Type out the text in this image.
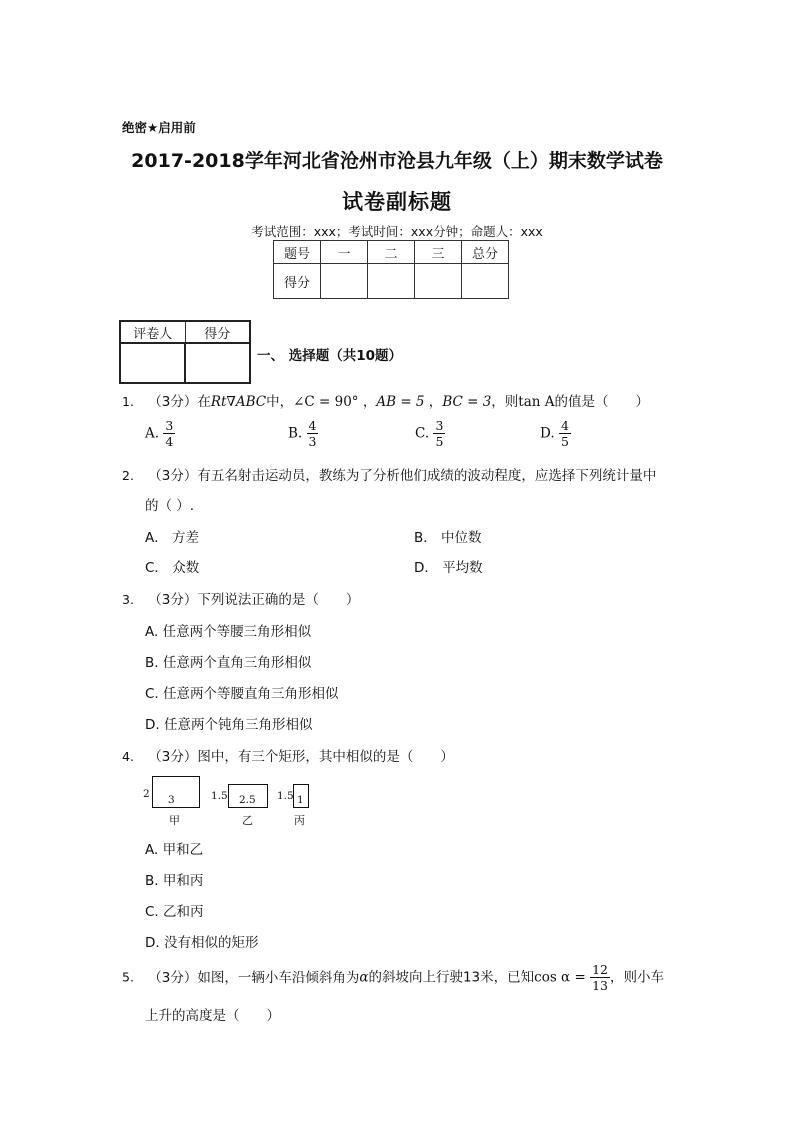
绝密★启用前
2017-2018学年河北省沧州市沧县九年级（上）期末数学试卷
试卷副标题
考试范围：xxx；考试时间：xxx分钟；命题人：xxx
题号	一	二	三	总分
得分				
评卷人	得分

一、 选择题（共10题）
1. （3分）在Rt∇ABC中，∠C = 90° ，AB = 5 ，BC = 3，则tan A的值是（　　）
A. $\frac{3}{4}$	B. $\frac{4}{3}$	C. $\frac{3}{5}$	D. $\frac{4}{5}$
2. （3分）有五名射击运动员，教练为了分析他们成绩的波动程度，应选择下列统计量中
的（ ）.
A． 方差	B． 中位数
C． 众数	D． 平均数
3. （3分）下列说法正确的是（　　）
A. 任意两个等腰三角形相似
B. 任意两个直角三角形相似
C. 任意两个等腰直角三角形相似
D. 任意两个钝角三角形相似
4. （3分）图中，有三个矩形，其中相似的是（　　）
2 3
甲
1.5 2.5
乙
1.5 1
丙
A. 甲和乙
B. 甲和丙
C. 乙和丙
D. 没有相似的矩形
5. （3分）如图，一辆小车沿倾斜角为α的斜坡向上行驶13米，已知$\cos \alpha = \frac{12}{13}$ ，则小车
上升的高度是（　　）
